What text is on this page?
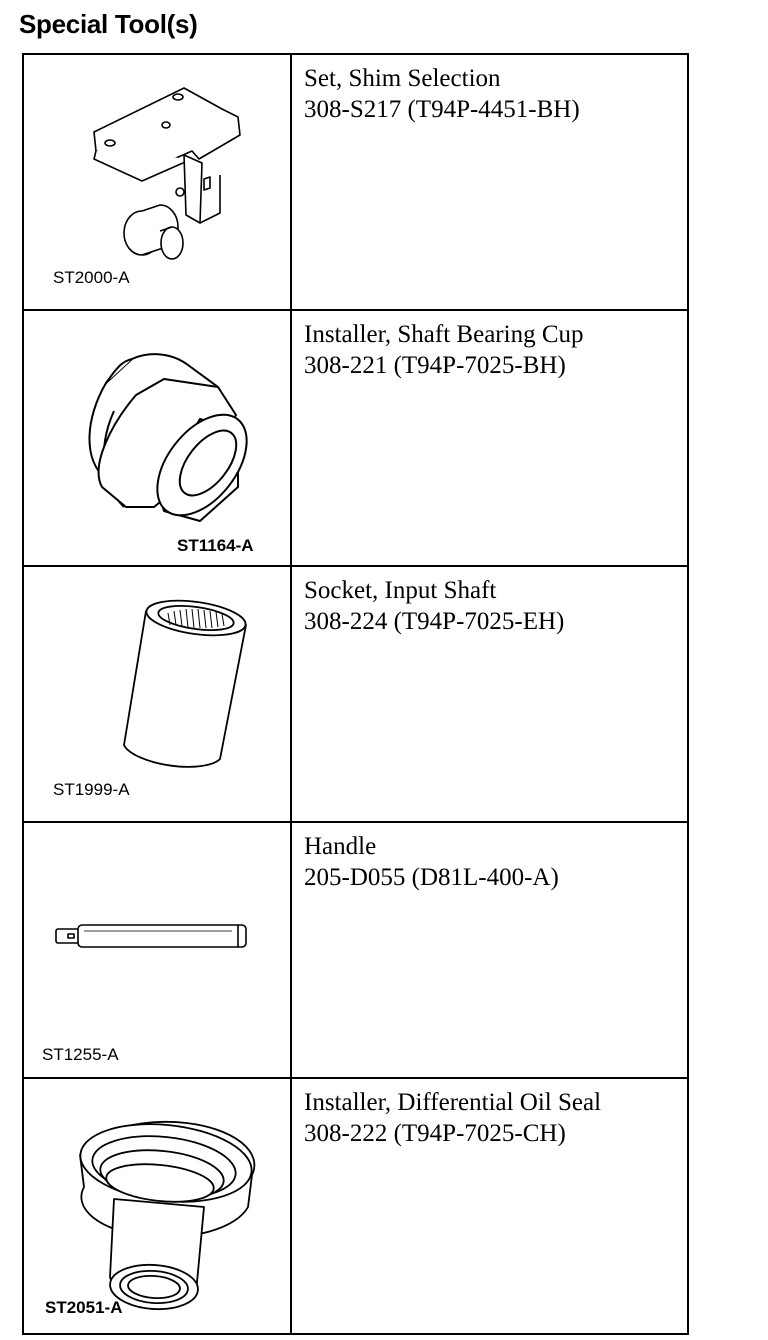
Special Tool(s)
ST2000-A	Set, Shim Selection
308-S217 (T94P-4451-BH)

ST1164-A	Installer, Shaft Bearing Cup
308-221 (T94P-7025-BH)

ST1999-A	Socket, Input Shaft
308-224 (T94P-7025-EH)

ST1255-A	Handle
205-D055 (D81L-400-A)

ST2051-A	Installer, Differential Oil Seal
308-222 (T94P-7025-CH)
